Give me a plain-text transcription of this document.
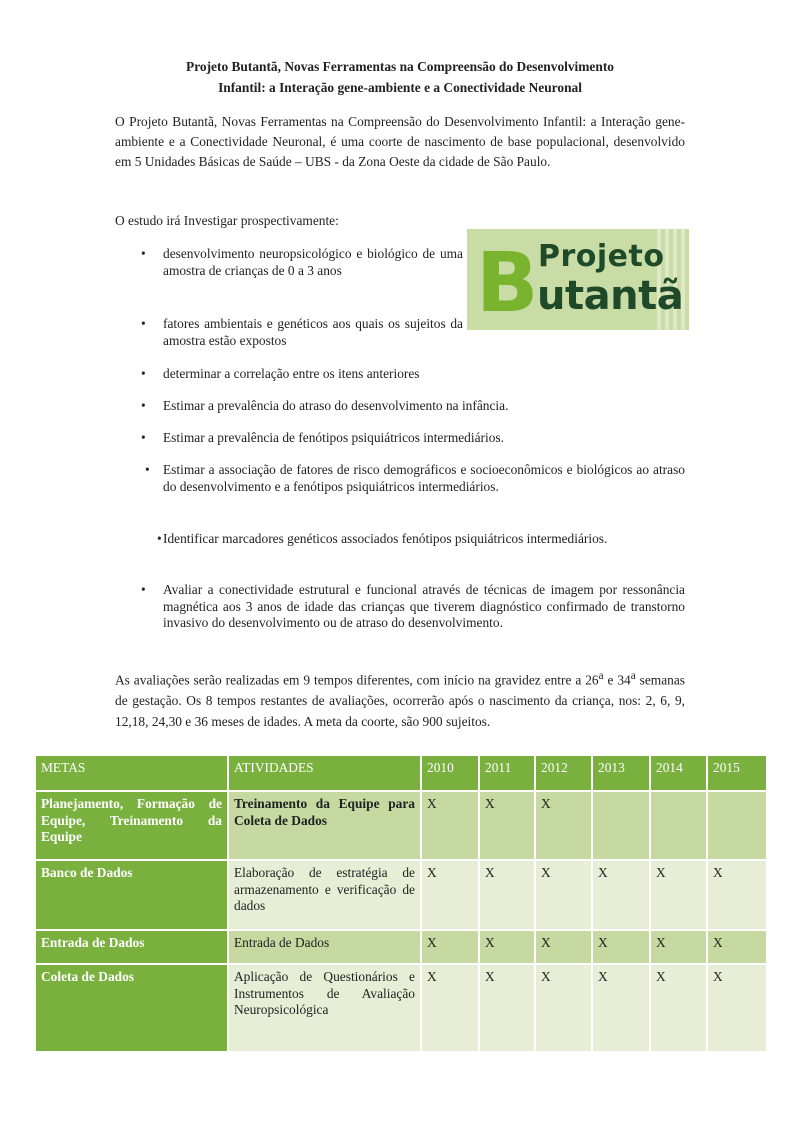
Projeto Butantã, Novas Ferramentas na Compreensão do Desenvolvimento
Infantil: a Interação gene-ambiente e a Conectividade Neuronal

O Projeto Butantã, Novas Ferramentas na Compreensão do Desenvolvimento Infantil: a Interação gene-ambiente e a Conectividade Neuronal, é uma coorte de nascimento de base populacional, desenvolvido em 5 Unidades Básicas de Saúde – UBS - da Zona Oeste da cidade de São Paulo.

O estudo irá Investigar prospectivamente:

B Projeto
utantã
• desenvolvimento neuropsicológico e biológico de uma amostra de crianças de 0 a 3 anos
• fatores ambientais e genéticos aos quais os sujeitos da amostra estão expostos
• determinar a correlação entre os itens anteriores
• Estimar a prevalência do atraso do desenvolvimento na infância.
• Estimar a prevalência de fenótipos psiquiátricos intermediários.
• Estimar a associação de fatores de risco demográficos e socioeconômicos e biológicos ao atraso do desenvolvimento e a fenótipos psiquiátricos intermediários.
• Identificar marcadores genéticos associados fenótipos psiquiátricos intermediários.
• Avaliar a conectividade estrutural e funcional através de técnicas de imagem por ressonância magnética aos 3 anos de idade das crianças que tiverem diagnóstico confirmado de transtorno invasivo do desenvolvimento ou de atraso do desenvolvimento.

As avaliações serão realizadas em 9 tempos diferentes, com início na gravidez entre a 26$^a$ e 34$^a$ semanas de gestação. Os 8 tempos restantes de avaliações, ocorrerão após o nascimento da criança, nos: 2, 6, 9, 12,18, 24,30 e 36 meses de idades. A meta da coorte, são 900 sujeitos.

METAS	ATIVIDADES	2010	2011	2012	2013	2014	2015
Planejamento, Formação de Equipe, Treinamento da Equipe	Treinamento da Equipe para Coleta de Dados	X	X	X			
Banco de Dados	Elaboração de estratégia de armazenamento e verificação de dados	X	X	X	X	X	X
Entrada de Dados	Entrada de Dados	X	X	X	X	X	X
Coleta de Dados	Aplicação de Questionários e Instrumentos de Avaliação Neuropsicológica	X	X	X	X	X	X
